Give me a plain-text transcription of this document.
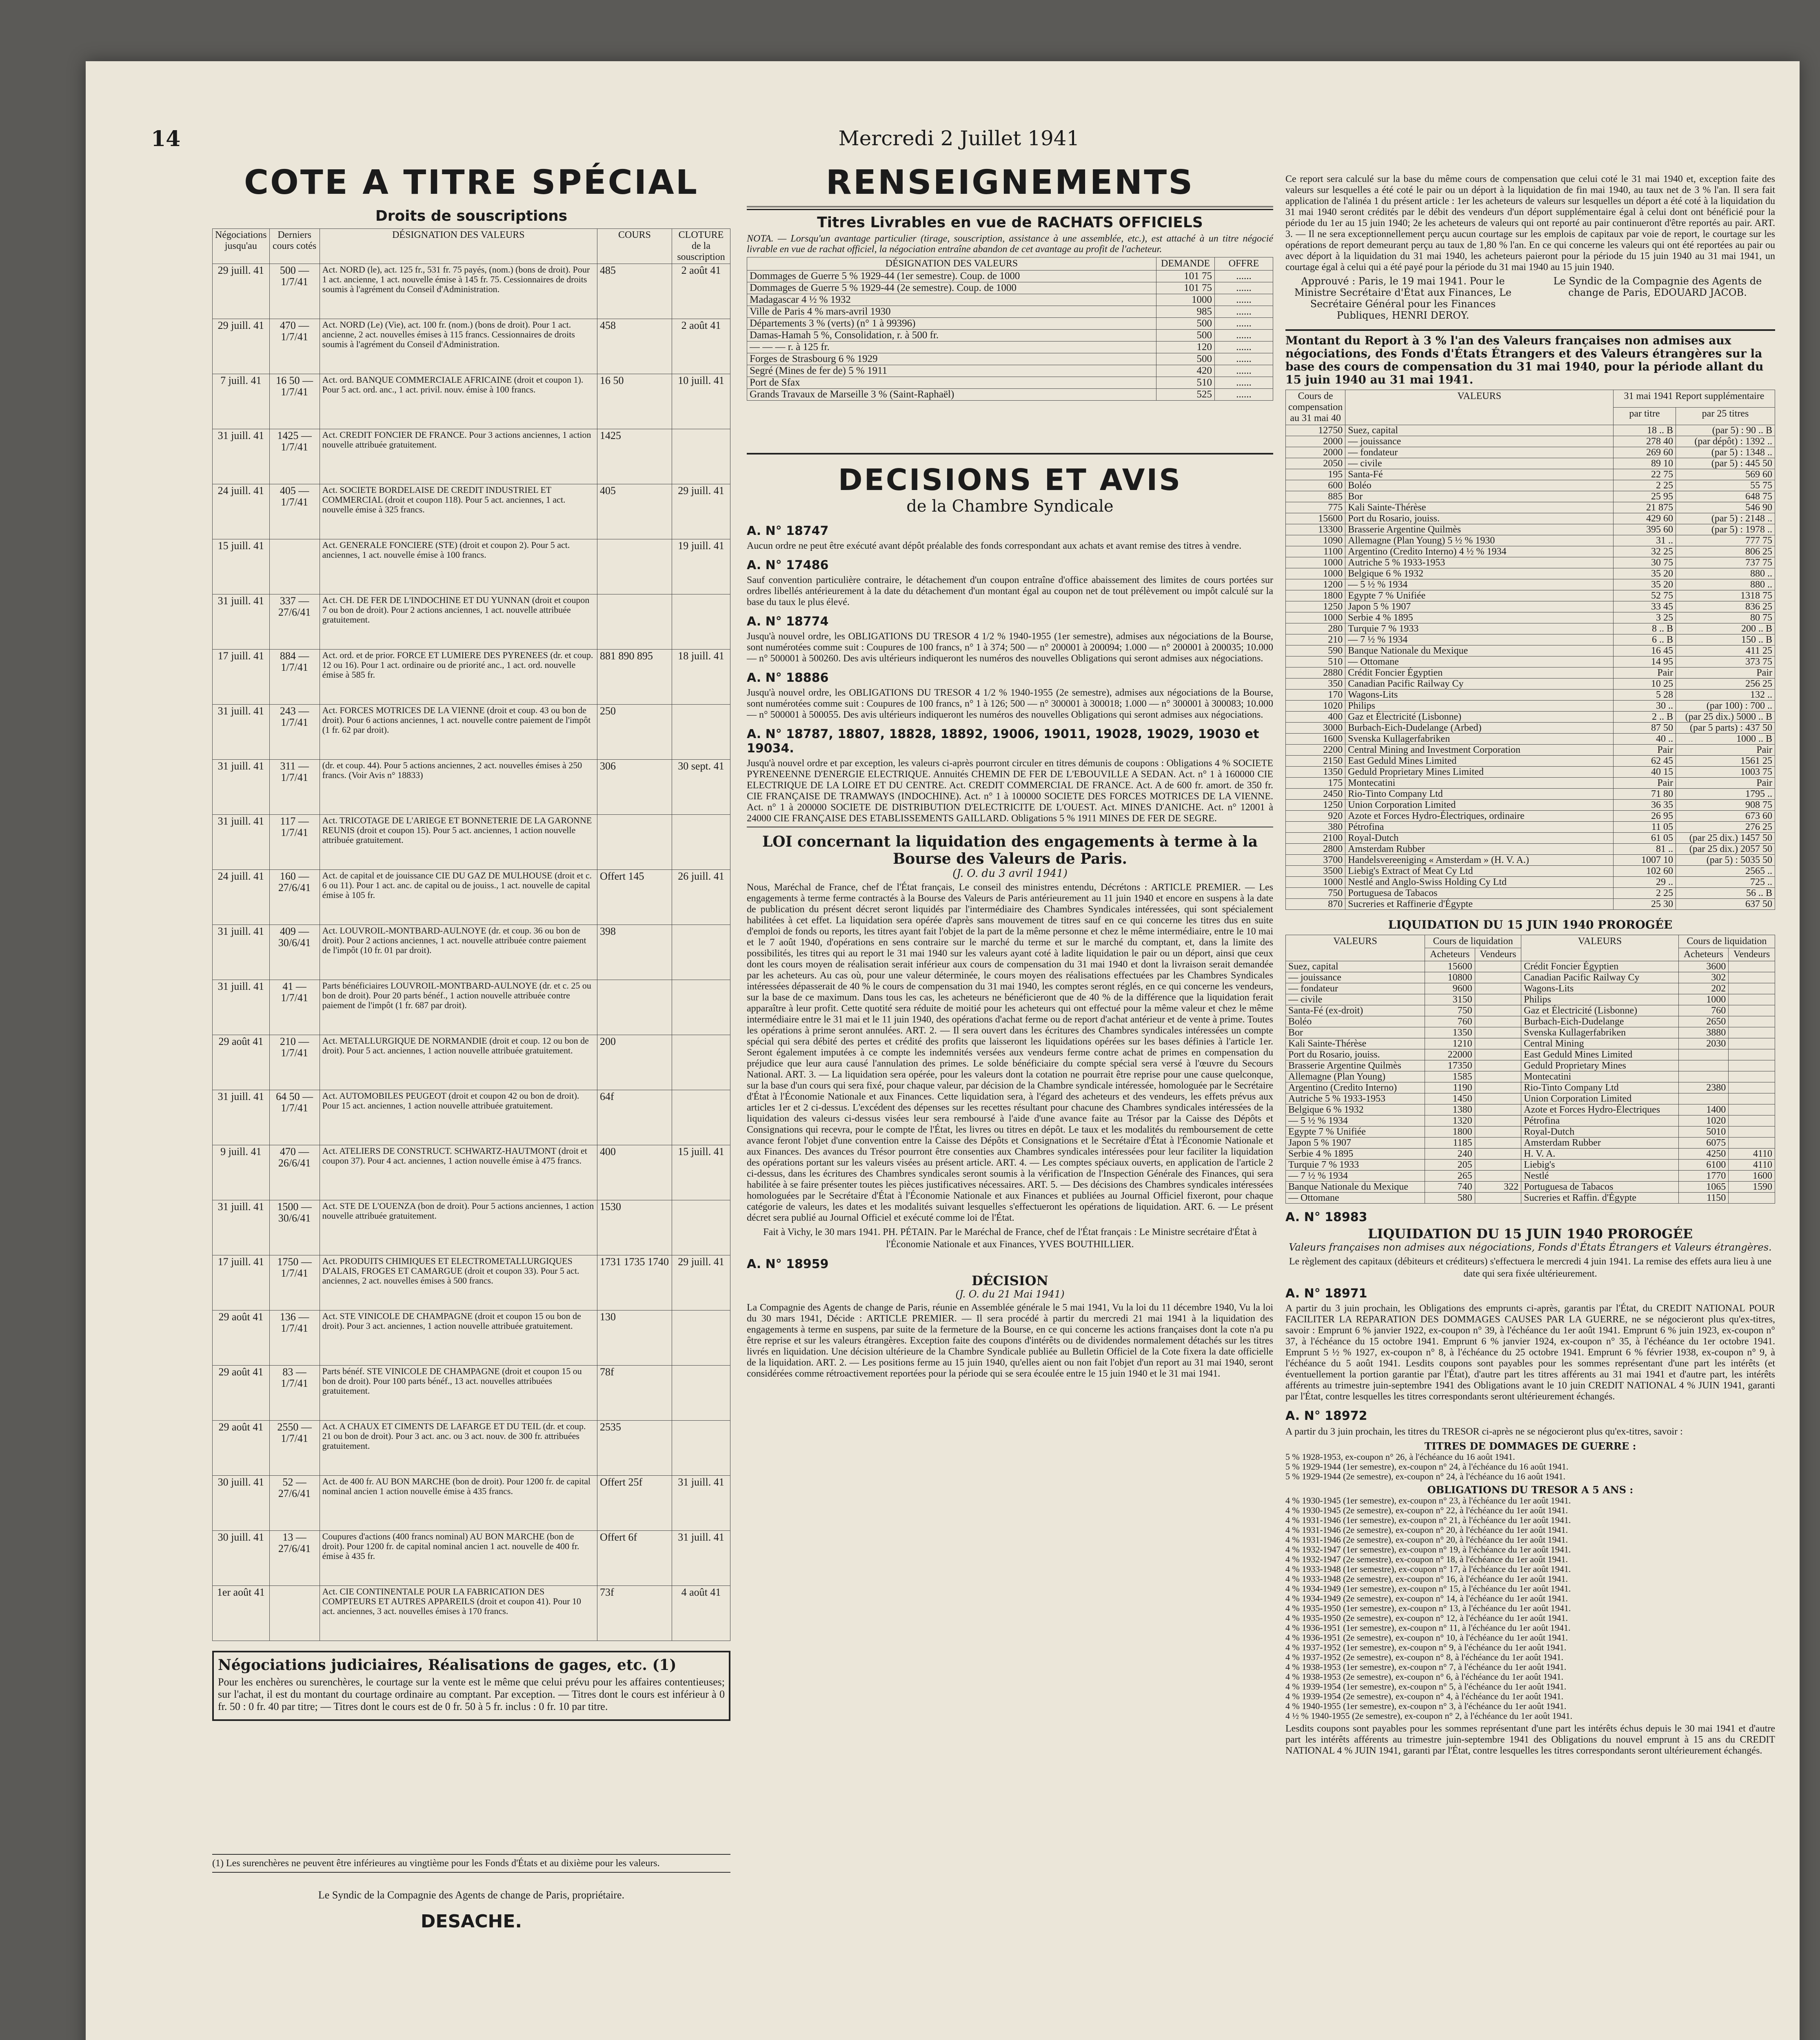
14	Mercredi 2 Juillet 1941
COTE A TITRE SPÉCIAL
Droits de souscriptions
Négociations jusqu'au	Derniers cours cotés	DÉSIGNATION DES VALEURS	COURS	CLOTURE de la souscription
29 juill. 41	500 — 1/7/41	Act. NORD (le), act. 125 fr., 531 fr. 75 payés, (nom.) (bons de droit). Pour 1 act. ancienne, 1 act. nouvelle émise à 145 fr. 75. Cessionnaires de droits soumis à l'agrément du Conseil d'Administration.	485	2 août 41
29 juill. 41	470 — 1/7/41	Act. NORD (Le) (Vie), act. 100 fr. (nom.) (bons de droit). Pour 1 act. ancienne, 2 act. nouvelles émises à 115 francs. Cessionnaires de droits soumis à l'agrément du Conseil d'Administration.	458	2 août 41
7 juill. 41	16 50 — 1/7/41	Act. ord. BANQUE COMMERCIALE AFRICAINE (droit et coupon 1). Pour 5 act. ord. anc., 1 act. privil. nouv. émise à 100 francs.	16 50	10 juill. 41
31 juill. 41	1425 — 1/7/41	Act. CREDIT FONCIER DE FRANCE. Pour 3 actions anciennes, 1 action nouvelle attribuée gratuitement.	1425	
24 juill. 41	405 — 1/7/41	Act. SOCIETE BORDELAISE DE CREDIT INDUSTRIEL ET COMMERCIAL (droit et coupon 118). Pour 5 act. anciennes, 1 act. nouvelle émise à 325 francs.	405	29 juill. 41
15 juill. 41		Act. GENERALE FONCIERE (STE) (droit et coupon 2). Pour 5 act. anciennes, 1 act. nouvelle émise à 100 francs.		19 juill. 41
31 juill. 41	337 — 27/6/41	Act. CH. DE FER DE L'INDOCHINE ET DU YUNNAN (droit et coupon 7 ou bon de droit). Pour 2 actions anciennes, 1 act. nouvelle attribuée gratuitement.		
17 juill. 41	884 — 1/7/41	Act. ord. et de prior. FORCE ET LUMIERE DES PYRENEES (dr. et coup. 12 ou 16). Pour 1 act. ordinaire ou de priorité anc., 1 act. ord. nouvelle émise à 585 fr.	881 890 895	18 juill. 41
31 juill. 41	243 — 1/7/41	Act. FORCES MOTRICES DE LA VIENNE (droit et coup. 43 ou bon de droit). Pour 6 actions anciennes, 1 act. nouvelle contre paiement de l'impôt (1 fr. 62 par droit).	250	
31 juill. 41	311 — 1/7/41	(dr. et coup. 44). Pour 5 actions anciennes, 2 act. nouvelles émises à 250 francs. (Voir Avis n° 18833)	306	30 sept. 41
31 juill. 41	117 — 1/7/41	Act. TRICOTAGE DE L'ARIEGE ET BONNETERIE DE LA GARONNE REUNIS (droit et coupon 15). Pour 5 act. anciennes, 1 action nouvelle attribuée gratuitement.		
24 juill. 41	160 — 27/6/41	Act. de capital et de jouissance CIE DU GAZ DE MULHOUSE (droit et c. 6 ou 11). Pour 1 act. anc. de capital ou de jouiss., 1 act. nouvelle de capital émise à 105 fr.	Offert 145	26 juill. 41
31 juill. 41	409 — 30/6/41	Act. LOUVROIL-MONTBARD-AULNOYE (dr. et coup. 36 ou bon de droit). Pour 2 actions anciennes, 1 act. nouvelle attribuée contre paiement de l'impôt (10 fr. 01 par droit).	398	
31 juill. 41	41 — 1/7/41	Parts bénéficiaires LOUVROIL-MONTBARD-AULNOYE (dr. et c. 25 ou bon de droit). Pour 20 parts bénéf., 1 action nouvelle attribuée contre paiement de l'impôt (1 fr. 687 par droit).		
29 août 41	210 — 1/7/41	Act. METALLURGIQUE DE NORMANDIE (droit et coup. 12 ou bon de droit). Pour 5 act. anciennes, 1 action nouvelle attribuée gratuitement.	200	
31 juill. 41	64 50 — 1/7/41	Act. AUTOMOBILES PEUGEOT (droit et coupon 42 ou bon de droit). Pour 15 act. anciennes, 1 action nouvelle attribuée gratuitement.	64f	
9 juill. 41	470 — 26/6/41	Act. ATELIERS DE CONSTRUCT. SCHWARTZ-HAUTMONT (droit et coupon 37). Pour 4 act. anciennes, 1 action nouvelle émise à 475 francs.	400	15 juill. 41
31 juill. 41	1500 — 30/6/41	Act. STE DE L'OUENZA (bon de droit). Pour 5 actions anciennes, 1 action nouvelle attribuée gratuitement.	1530	
17 juill. 41	1750 — 1/7/41	Act. PRODUITS CHIMIQUES ET ELECTROMETALLURGIQUES D'ALAIS, FROGES ET CAMARGUE (droit et coupon 33). Pour 5 act. anciennes, 2 act. nouvelles émises à 500 francs.	1731 1735 1740	29 juill. 41
29 août 41	136 — 1/7/41	Act. STE VINICOLE DE CHAMPAGNE (droit et coupon 15 ou bon de droit). Pour 3 act. anciennes, 1 action nouvelle attribuée gratuitement.	130	
29 août 41	83 — 1/7/41	Parts bénéf. STE VINICOLE DE CHAMPAGNE (droit et coupon 15 ou bon de droit). Pour 100 parts bénéf., 13 act. nouvelles attribuées gratuitement.	78f	
29 août 41	2550 — 1/7/41	Act. A CHAUX ET CIMENTS DE LAFARGE ET DU TEIL (dr. et coup. 21 ou bon de droit). Pour 3 act. anc. ou 3 act. nouv. de 300 fr. attribuées gratuitement.	2535	
30 juill. 41	52 — 27/6/41	Act. de 400 fr. AU BON MARCHE (bon de droit). Pour 1200 fr. de capital nominal ancien 1 action nouvelle émise à 435 francs.	Offert 25f	31 juill. 41
30 juill. 41	13 — 27/6/41	Coupures d'actions (400 francs nominal) AU BON MARCHE (bon de droit). Pour 1200 fr. de capital nominal ancien 1 act. nouvelle de 400 fr. émise à 435 fr.	Offert 6f	31 juill. 41
1er août 41		Act. CIE CONTINENTALE POUR LA FABRICATION DES COMPTEURS ET AUTRES APPAREILS (droit et coupon 41). Pour 10 act. anciennes, 3 act. nouvelles émises à 170 francs.	73f	4 août 41
Négociations judiciaires, Réalisations de gages, etc. (1)
Pour les enchères ou surenchères, le courtage sur la vente est le même que celui prévu pour les affaires contentieuses; sur l'achat, il est du montant du courtage ordinaire au comptant. Par exception. — Titres dont le cours est inférieur à 0 fr. 50 : 0 fr. 40 par titre; — Titres dont le cours est de 0 fr. 50 à 5 fr. inclus : 0 fr. 10 par titre.
(1) Les surenchères ne peuvent être inférieures au vingtième pour les Fonds d'États et au dixième pour les valeurs.
Le Syndic de la Compagnie des Agents de change de Paris, propriétaire.
DESACHE.
RENSEIGNEMENTS
Titres Livrables en vue de RACHATS OFFICIELS
NOTA. — Lorsqu'un avantage particulier (tirage, souscription, assistance à une assemblée, etc.), est attaché à un titre négocié livrable en vue de rachat officiel, la négociation entraîne abandon de cet avantage au profit de l'acheteur.
DÉSIGNATION DES VALEURS	DEMANDE	OFFRE
Dommages de Guerre 5 % 1929-44 (1er semestre). Coup. de 1000	101 75	......
Dommages de Guerre 5 % 1929-44 (2e semestre). Coup. de 1000	101 75	......
Madagascar 4 ½ % 1932	1000	......
Ville de Paris 4 % mars-avril 1930	985	......
Départements 3 % (verts) (n° 1 à 99396)	500	......
Damas-Hamah 5 %, Consolidation, r. à 500 fr.	500	......
— — — r. à 125 fr.	120	......
Forges de Strasbourg 6 % 1929	500	......
Segré (Mines de fer de) 5 % 1911	420	......
Port de Sfax	510	......
Grands Travaux de Marseille 3 % (Saint-Raphaël)	525	......
DECISIONS ET AVIS
de la Chambre Syndicale
A. N° 18747
Aucun ordre ne peut être exécuté avant dépôt préalable des fonds correspondant aux achats et avant remise des titres à vendre.
A. N° 17486
Sauf convention particulière contraire, le détachement d'un coupon entraîne d'office abaissement des limites de cours portées sur ordres libellés antérieurement à la date du détachement d'un montant égal au coupon net de tout prélèvement ou impôt calculé sur la base du taux le plus élevé.
A. N° 18774
Jusqu'à nouvel ordre, les OBLIGATIONS DU TRESOR 4 1/2 % 1940-1955 (1er semestre), admises aux négociations de la Bourse, sont numérotées comme suit : Coupures de 100 francs, n° 1 à 374; 500 — n° 200001 à 200094; 1.000 — n° 200001 à 200035; 10.000 — n° 500001 à 500260. Des avis ultérieurs indiqueront les numéros des nouvelles Obligations qui seront admises aux négociations.
A. N° 18886
Jusqu'à nouvel ordre, les OBLIGATIONS DU TRESOR 4 1/2 % 1940-1955 (2e semestre), admises aux négociations de la Bourse, sont numérotées comme suit : Coupures de 100 francs, n° 1 à 126; 500 — n° 300001 à 300018; 1.000 — n° 300001 à 300083; 10.000 — n° 500001 à 500055. Des avis ultérieurs indiqueront les numéros des nouvelles Obligations qui seront admises aux négociations.
A. N° 18787, 18807, 18828, 18892, 19006, 19011, 19028, 19029, 19030 et 19034.
Jusqu'à nouvel ordre et par exception, les valeurs ci-après pourront circuler en titres démunis de coupons : Obligations 4 % SOCIETE PYRENEENNE D'ENERGIE ELECTRIQUE. Annuités CHEMIN DE FER DE L'EBOUVILLE A SEDAN. Act. n° 1 à 160000 CIE ELECTRIQUE DE LA LOIRE ET DU CENTRE. Act. CREDIT COMMERCIAL DE FRANCE. Act. A de 600 fr. amort. de 350 fr. CIE FRANÇAISE DE TRAMWAYS (INDOCHINE). Act. n° 1 à 100000 SOCIETE DES FORCES MOTRICES DE LA VIENNE. Act. n° 1 à 200000 SOCIETE DE DISTRIBUTION D'ELECTRICITE DE L'OUEST. Act. MINES D'ANICHE. Act. n° 12001 à 24000 CIE FRANÇAISE DES ETABLISSEMENTS GAILLARD. Obligations 5 % 1911 MINES DE FER DE SEGRE.
LOI concernant la liquidation des engagements à terme à la Bourse des Valeurs de Paris.
(J. O. du 3 avril 1941)
Nous, Maréchal de France, chef de l'État français, Le conseil des ministres entendu, Décrétons : ARTICLE PREMIER. — Les engagements à terme ferme contractés à la Bourse des Valeurs de Paris antérieurement au 11 juin 1940 et encore en suspens à la date de publication du présent décret seront liquidés par l'intermédiaire des Chambres Syndicales intéressées, qui sont spécialement habilitées à cet effet. La liquidation sera opérée d'après sans mouvement de titres sauf en ce qui concerne les titres dus en suite d'emploi de fonds ou reports, les titres ayant fait l'objet de la part de la même personne et chez le même intermédiaire, entre le 10 mai et le 7 août 1940, d'opérations en sens contraire sur le marché du terme et sur le marché du comptant, et, dans la limite des possibilités, les titres qui au report le 31 mai 1940 sur les valeurs ayant coté à ladite liquidation le pair ou un déport, ainsi que ceux dont les cours moyen de réalisation serait inférieur aux cours de compensation du 31 mai 1940 et dont la livraison serait demandée par les acheteurs. Au cas où, pour une valeur déterminée, le cours moyen des réalisations effectuées par les Chambres Syndicales intéressées dépasserait de 40 % le cours de compensation du 31 mai 1940, les comptes seront réglés, en ce qui concerne les vendeurs, sur la base de ce maximum. Dans tous les cas, les acheteurs ne bénéficieront que de 40 % de la différence que la liquidation ferait apparaître à leur profit. Cette quotité sera réduite de moitié pour les acheteurs qui ont effectué pour la même valeur et chez le même intermédiaire entre le 31 mai et le 11 juin 1940, des opérations d'achat ferme ou de report d'achat antérieur et de vente à prime. Toutes les opérations à prime seront annulées. ART. 2. — Il sera ouvert dans les écritures des Chambres syndicales intéressées un compte spécial qui sera débité des pertes et crédité des profits que laisseront les liquidations opérées sur les bases définies à l'article 1er. Seront également imputées à ce compte les indemnités versées aux vendeurs ferme contre achat de primes en compensation du préjudice que leur aura causé l'annulation des primes. Le solde bénéficiaire du compte spécial sera versé à l'œuvre du Secours National. ART. 3. — La liquidation sera opérée, pour les valeurs dont la cotation ne pourrait être reprise pour une cause quelconque, sur la base d'un cours qui sera fixé, pour chaque valeur, par décision de la Chambre syndicale intéressée, homologuée par le Secrétaire d'État à l'Économie Nationale et aux Finances. Cette liquidation sera, à l'égard des acheteurs et des vendeurs, les effets prévus aux articles 1er et 2 ci-dessus. L'excédent des dépenses sur les recettes résultant pour chacune des Chambres syndicales intéressées de la liquidation des valeurs ci-dessus visées leur sera remboursé à l'aide d'une avance faite au Trésor par la Caisse des Dépôts et Consignations qui recevra, pour le compte de l'État, les livres ou titres en dépôt. Le taux et les modalités du remboursement de cette avance feront l'objet d'une convention entre la Caisse des Dépôts et Consignations et le Secrétaire d'État à l'Économie Nationale et aux Finances. Des avances du Trésor pourront être consenties aux Chambres syndicales intéressées pour leur faciliter la liquidation des opérations portant sur les valeurs visées au présent article. ART. 4. — Les comptes spéciaux ouverts, en application de l'article 2 ci-dessus, dans les écritures des Chambres syndicales seront soumis à la vérification de l'Inspection Générale des Finances, qui sera habilitée à se faire présenter toutes les pièces justificatives nécessaires. ART. 5. — Des décisions des Chambres syndicales intéressées homologuées par le Secrétaire d'État à l'Économie Nationale et aux Finances et publiées au Journal Officiel fixeront, pour chaque catégorie de valeurs, les dates et les modalités suivant lesquelles s'effectueront les opérations de liquidation. ART. 6. — Le présent décret sera publié au Journal Officiel et exécuté comme loi de l'État.
Fait à Vichy, le 30 mars 1941. PH. PÉTAIN. Par le Maréchal de France, chef de l'État français : Le Ministre secrétaire d'État à l'Économie Nationale et aux Finances, YVES BOUTHILLIER.
A. N° 18959
DÉCISION
(J. O. du 21 Mai 1941)
La Compagnie des Agents de change de Paris, réunie en Assemblée générale le 5 mai 1941, Vu la loi du 11 décembre 1940, Vu la loi du 30 mars 1941, Décide : ARTICLE PREMIER. — Il sera procédé à partir du mercredi 21 mai 1941 à la liquidation des engagements à terme en suspens, par suite de la fermeture de la Bourse, en ce qui concerne les actions françaises dont la cote n'a pu être reprise et sur les valeurs étrangères. Exception faite des coupons d'intérêts ou de dividendes normalement détachés sur les titres livrés en liquidation. Une décision ultérieure de la Chambre Syndicale publiée au Bulletin Officiel de la Cote fixera la date officielle de la liquidation. ART. 2. — Les positions ferme au 15 juin 1940, qu'elles aient ou non fait l'objet d'un report au 31 mai 1940, seront considérées comme rétroactivement reportées pour la période qui se sera écoulée entre le 15 juin 1940 et le 31 mai 1941.
Ce report sera calculé sur la base du même cours de compensation que celui coté le 31 mai 1940 et, exception faite des valeurs sur lesquelles a été coté le pair ou un déport à la liquidation de fin mai 1940, au taux net de 3 % l'an. Il sera fait application de l'alinéa 1 du présent article : 1er les acheteurs de valeurs sur lesquelles un déport a été coté à la liquidation du 31 mai 1940 seront crédités par le débit des vendeurs d'un déport supplémentaire égal à celui dont ont bénéficié pour la période du 1er au 15 juin 1940; 2e les acheteurs de valeurs qui ont reporté au pair continueront d'être reportés au pair. ART. 3. — Il ne sera exceptionnellement perçu aucun courtage sur les emplois de capitaux par voie de report, le courtage sur les opérations de report demeurant perçu au taux de 1,80 % l'an. En ce qui concerne les valeurs qui ont été reportées au pair ou avec déport à la liquidation du 31 mai 1940, les acheteurs paieront pour la période du 15 juin 1940 au 31 mai 1941, un courtage égal à celui qui a été payé pour la période du 31 mai 1940 au 15 juin 1940.
Approuvé : Paris, le 19 mai 1941. Pour le Ministre Secrétaire d'État aux Finances, Le Secrétaire Général pour les Finances Publiques, HENRI DEROY.
Le Syndic de la Compagnie des Agents de change de Paris, EDOUARD JACOB.
Montant du Report à 3 % l'an des Valeurs françaises non admises aux négociations, des Fonds d'États Étrangers et des Valeurs étrangères sur la base des cours de compensation du 31 mai 1940, pour la période allant du 15 juin 1940 au 31 mai 1941.
Cours de compensation au 31 mai 40	VALEURS	31 mai 1941 Report supplémentaire	
		par titre	par 25 titres
12750	Suez, capital	18 .. B	(par 5) : 90 .. B
2000	— jouissance	278 40	(par dépôt) : 1392 ..
2000	— fondateur	269 60	(par 5) : 1348 ..
2050	— civile	89 10	(par 5) : 445 50
195	Santa-Fé	22 75	569 60
600	Boléo	2 25	55 75
885	Bor	25 95	648 75
775	Kali Sainte-Thérèse	21 875	546 90
15600	Port du Rosario, jouiss.	429 60	(par 5) : 2148 ..
13300	Brasserie Argentine Quilmès	395 60	(par 5) : 1978 ..
1090	Allemagne (Plan Young) 5 ½ % 1930	31 ..	777 75
1100	Argentino (Credito Interno) 4 ½ % 1934	32 25	806 25
1000	Autriche 5 % 1933-1953	30 75	737 75
1000	Belgique 6 % 1932	35 20	880 ..
1200	— 5 ½ % 1934	35 20	880 ..
1800	Egypte 7 % Unifiée	52 75	1318 75
1250	Japon 5 % 1907	33 45	836 25
1000	Serbie 4 % 1895	3 25	80 75
280	Turquie 7 % 1933	8 .. B	200 .. B
210	— 7 ½ % 1934	6 .. B	150 .. B
590	Banque Nationale du Mexique	16 45	411 25
510	— Ottomane	14 95	373 75
2880	Crédit Foncier Égyptien	Pair	Pair
350	Canadian Pacific Railway Cy	10 25	256 25
170	Wagons-Lits	5 28	132 ..
1020	Philips	30 ..	(par 100) : 700 ..
400	Gaz et Électricité (Lisbonne)	2 .. B	(par 25 dix.) 5000 .. B
3000	Burbach-Eich-Dudelange (Arbed)	87 50	(par 5 parts) : 437 50
1600	Svenska Kullagerfabriken	40 ..	1000 .. B
2200	Central Mining and Investment Corporation	Pair	Pair
2150	East Geduld Mines Limited	62 45	1561 25
1350	Geduld Proprietary Mines Limited	40 15	1003 75
175	Montecatini	Pair	Pair
2450	Rio-Tinto Company Ltd	71 80	1795 ..
1250	Union Corporation Limited	36 35	908 75
920	Azote et Forces Hydro-Électriques, ordinaire	26 95	673 60
380	Pétrofina	11 05	276 25
2100	Royal-Dutch	61 05	(par 25 dix.) 1457 50
2800	Amsterdam Rubber	81 ..	(par 25 dix.) 2057 50
3700	Handelsvereeniging « Amsterdam » (H. V. A.)	1007 10	(par 5) : 5035 50
3500	Liebig's Extract of Meat Cy Ltd	102 60	2565 ..
1000	Nestlé and Anglo-Swiss Holding Cy Ltd	29 ..	725 ..
750	Portuguesa de Tabacos	2 25	56 .. B
870	Sucreries et Raffinerie d'Égypte	25 30	637 50
LIQUIDATION DU 15 JUIN 1940 PROROGÉE
VALEURS	Cours de liquidation		VALEURS	Cours de liquidation	
	Acheteurs	Vendeurs		Acheteurs	Vendeurs
Suez, capital	15600		Crédit Foncier Égyptien	3600	
— jouissance	10800		Canadian Pacific Railway Cy	302	
— fondateur	9600		Wagons-Lits	202	
— civile	3150		Philips	1000	
Santa-Fé (ex-droit)	750		Gaz et Électricité (Lisbonne)	760	
Boléo	760		Burbach-Eich-Dudelange	2650	
Bor	1350		Svenska Kullagerfabriken	3880	
Kali Sainte-Thérèse	1210		Central Mining	2030	
Port du Rosario, jouiss.	22000		East Geduld Mines Limited		
Brasserie Argentine Quilmès	17350		Geduld Proprietary Mines		
Allemagne (Plan Young)	1585		Montecatini		
Argentino (Credito Interno)	1190		Rio-Tinto Company Ltd	2380	
Autriche 5 % 1933-1953	1450		Union Corporation Limited		
Belgique 6 % 1932	1380		Azote et Forces Hydro-Électriques	1400	
— 5 ½ % 1934	1320		Pétrofina	1020	
Egypte 7 % Unifiée	1800		Royal-Dutch	5010	
Japon 5 % 1907	1185		Amsterdam Rubber	6075	
Serbie 4 % 1895	240		H. V. A.	4250	4110
Turquie 7 % 1933	205		Liebig's	6100	4110
— 7 ½ % 1934	265		Nestlé	1770	1600
Banque Nationale du Mexique	740	322	Portuguesa de Tabacos	1065	1590
— Ottomane	580		Sucreries et Raffin. d'Égypte	1150	
A. N° 18983
LIQUIDATION DU 15 JUIN 1940 PROROGÉE
Valeurs françaises non admises aux négociations, Fonds d'États Étrangers et Valeurs étrangères.
Le règlement des capitaux (débiteurs et créditeurs) s'effectuera le mercredi 4 juin 1941. La remise des effets aura lieu à une date qui sera fixée ultérieurement.
A. N° 18971
A partir du 3 juin prochain, les Obligations des emprunts ci-après, garantis par l'État, du CREDIT NATIONAL POUR FACILITER LA REPARATION DES DOMMAGES CAUSES PAR LA GUERRE, ne se négocieront plus qu'ex-titres, savoir : Emprunt 6 % janvier 1922, ex-coupon n° 39, à l'échéance du 1er août 1941. Emprunt 6 % juin 1923, ex-coupon n° 37, à l'échéance du 15 octobre 1941. Emprunt 6 % janvier 1924, ex-coupon n° 35, à l'échéance du 1er octobre 1941. Emprunt 5 ½ % 1927, ex-coupon n° 8, à l'échéance du 25 octobre 1941. Emprunt 6 % février 1938, ex-coupon n° 9, à l'échéance du 5 août 1941. Lesdits coupons sont payables pour les sommes représentant d'une part les intérêts (et éventuellement la portion garantie par l'État), d'autre part les titres afférents au 31 mai 1941 et d'autre part, les intérêts afférents au trimestre juin-septembre 1941 des Obligations avant le 10 juin CREDIT NATIONAL 4 % JUIN 1941, garanti par l'État, contre lesquelles les titres correspondants seront ultérieurement échangés.
A. N° 18972
A partir du 3 juin prochain, les titres du TRESOR ci-après ne se négocieront plus qu'ex-titres, savoir :
TITRES DE DOMMAGES DE GUERRE :
5 % 1928-1953, ex-coupon n° 26, à l'échéance du 16 août 1941.
5 % 1929-1944 (1er semestre), ex-coupon n° 24, à l'échéance du 16 août 1941.
5 % 1929-1944 (2e semestre), ex-coupon n° 24, à l'échéance du 16 août 1941.
OBLIGATIONS DU TRESOR A 5 ANS :
4 % 1930-1945 (1er semestre), ex-coupon n° 23, à l'échéance du 1er août 1941.
4 % 1930-1945 (2e semestre), ex-coupon n° 22, à l'échéance du 1er août 1941.
4 % 1931-1946 (1er semestre), ex-coupon n° 21, à l'échéance du 1er août 1941.
4 % 1931-1946 (2e semestre), ex-coupon n° 20, à l'échéance du 1er août 1941.
4 % 1931-1946 (2e semestre), ex-coupon n° 20, à l'échéance du 1er août 1941.
4 % 1932-1947 (1er semestre), ex-coupon n° 19, à l'échéance du 1er août 1941.
4 % 1932-1947 (2e semestre), ex-coupon n° 18, à l'échéance du 1er août 1941.
4 % 1933-1948 (1er semestre), ex-coupon n° 17, à l'échéance du 1er août 1941.
4 % 1933-1948 (2e semestre), ex-coupon n° 16, à l'échéance du 1er août 1941.
4 % 1934-1949 (1er semestre), ex-coupon n° 15, à l'échéance du 1er août 1941.
4 % 1934-1949 (2e semestre), ex-coupon n° 14, à l'échéance du 1er août 1941.
4 % 1935-1950 (1er semestre), ex-coupon n° 13, à l'échéance du 1er août 1941.
4 % 1935-1950 (2e semestre), ex-coupon n° 12, à l'échéance du 1er août 1941.
4 % 1936-1951 (1er semestre), ex-coupon n° 11, à l'échéance du 1er août 1941.
4 % 1936-1951 (2e semestre), ex-coupon n° 10, à l'échéance du 1er août 1941.
4 % 1937-1952 (1er semestre), ex-coupon n° 9, à l'échéance du 1er août 1941.
4 % 1937-1952 (2e semestre), ex-coupon n° 8, à l'échéance du 1er août 1941.
4 % 1938-1953 (1er semestre), ex-coupon n° 7, à l'échéance du 1er août 1941.
4 % 1938-1953 (2e semestre), ex-coupon n° 6, à l'échéance du 1er août 1941.
4 % 1939-1954 (1er semestre), ex-coupon n° 5, à l'échéance du 1er août 1941.
4 % 1939-1954 (2e semestre), ex-coupon n° 4, à l'échéance du 1er août 1941.
4 % 1940-1955 (1er semestre), ex-coupon n° 3, à l'échéance du 1er août 1941.
4 ½ % 1940-1955 (2e semestre), ex-coupon n° 2, à l'échéance du 1er août 1941.
Lesdits coupons sont payables pour les sommes représentant d'une part les intérêts échus depuis le 30 mai 1941 et d'autre part les intérêts afférents au trimestre juin-septembre 1941 des Obligations du nouvel emprunt à 15 ans du CREDIT NATIONAL 4 % JUIN 1941, garanti par l'État, contre lesquelles les titres correspondants seront ultérieurement échangés.
